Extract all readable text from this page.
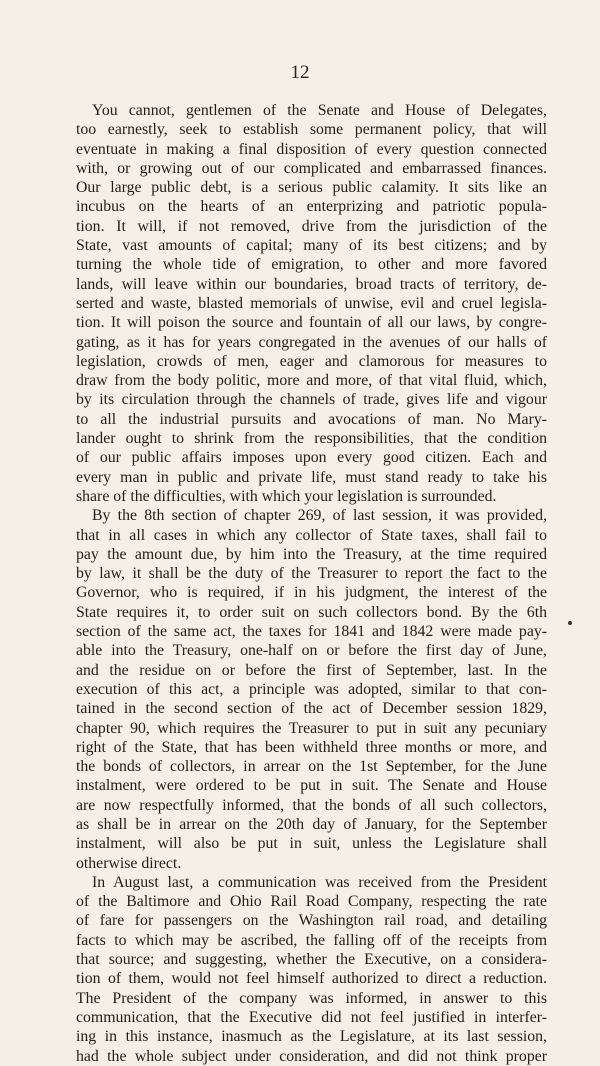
12
You cannot, gentlemen of the Senate and House of Delegates,
too earnestly, seek to establish some permanent policy, that will
eventuate in making a final disposition of every question connected
with, or growing out of our complicated and embarrassed finances.
Our large public debt, is a serious public calamity. It sits like an
incubus on the hearts of an enterprizing and patriotic popula-
tion. It will, if not removed, drive from the jurisdiction of the
State, vast amounts of capital; many of its best citizens; and by
turning the whole tide of emigration, to other and more favored
lands, will leave within our boundaries, broad tracts of territory, de-
serted and waste, blasted memorials of unwise, evil and cruel legisla-
tion. It will poison the source and fountain of all our laws, by congre-
gating, as it has for years congregated in the avenues of our halls of
legislation, crowds of men, eager and clamorous for measures to
draw from the body politic, more and more, of that vital fluid, which,
by its circulation through the channels of trade, gives life and vigour
to all the industrial pursuits and avocations of man. No Mary-
lander ought to shrink from the responsibilities, that the condition
of our public affairs imposes upon every good citizen. Each and
every man in public and private life, must stand ready to take his
share of the difficulties, with which your legislation is surrounded.
By the 8th section of chapter 269, of last session, it was provided,
that in all cases in which any collector of State taxes, shall fail to
pay the amount due, by him into the Treasury, at the time required
by law, it shall be the duty of the Treasurer to report the fact to the
Governor, who is required, if in his judgment, the interest of the
State requires it, to order suit on such collectors bond. By the 6th
section of the same act, the taxes for 1841 and 1842 were made pay-
able into the Treasury, one-half on or before the first day of June,
and the residue on or before the first of September, last. In the
execution of this act, a principle was adopted, similar to that con-
tained in the second section of the act of December session 1829,
chapter 90, which requires the Treasurer to put in suit any pecuniary
right of the State, that has been withheld three months or more, and
the bonds of collectors, in arrear on the 1st September, for the June
instalment, were ordered to be put in suit. The Senate and House
are now respectfully informed, that the bonds of all such collectors,
as shall be in arrear on the 20th day of January, for the September
instalment, will also be put in suit, unless the Legislature shall
otherwise direct.
In August last, a communication was received from the President
of the Baltimore and Ohio Rail Road Company, respecting the rate
of fare for passengers on the Washington rail road, and detailing
facts to which may be ascribed, the falling off of the receipts from
that source; and suggesting, whether the Executive, on a considera-
tion of them, would not feel himself authorized to direct a reduction.
The President of the company was informed, in answer to this
communication, that the Executive did not feel justified in interfer-
ing in this instance, inasmuch as the Legislature, at its last session,
had the whole subject under consideration, and did not think proper
